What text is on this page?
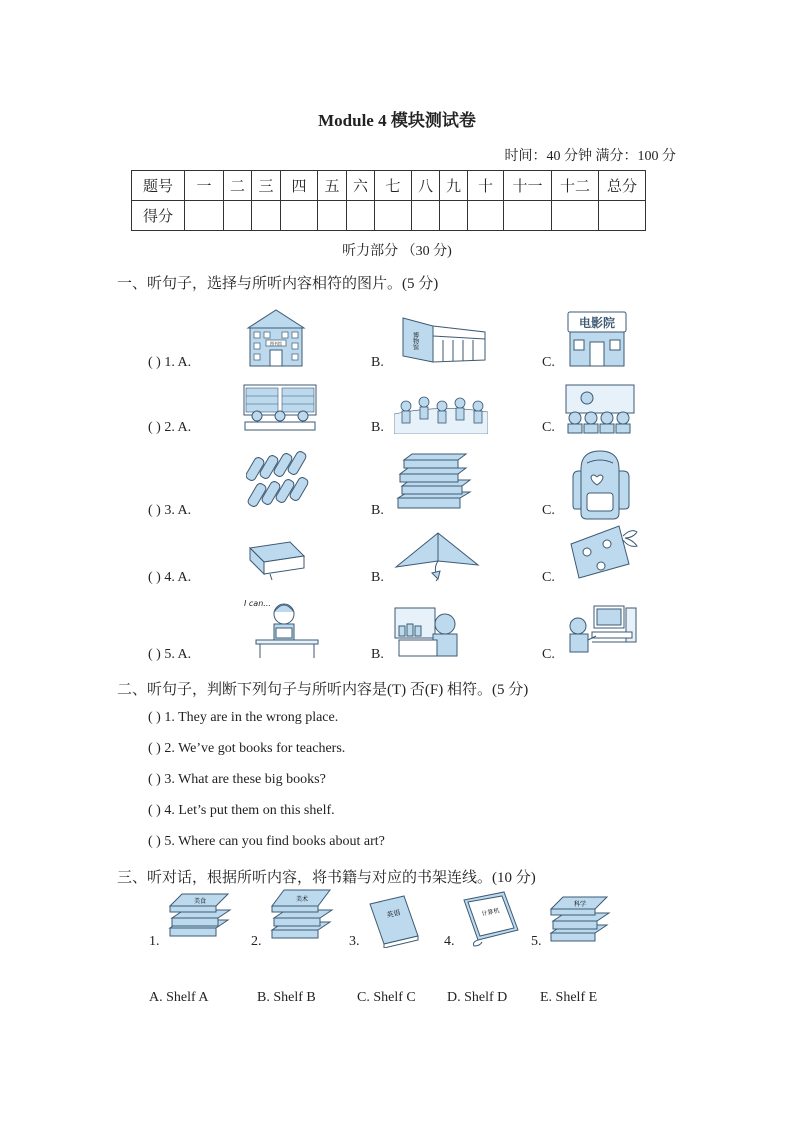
Module 4 模块测试卷
时间：40 分钟 满分：100 分
题号	一	二	三	四	五	六	七	八	九	十	十一	十二	总分
得分													
听力部分 （30 分)
一、听句子，选择与所听内容相符的图片。(5 分)
( ) 1. A.	B.	C.
( ) 2. A.	B.	C.
( ) 3. A.	B.	C.
( ) 4. A.	B.	C.
( ) 5. A.	B.	C.
图书馆	博物馆
电影院
I can...
二、听句子，判断下列句子与所听内容是(T) 否(F) 相符。(5 分)
( ) 1. They are in the wrong place.
( ) 2. We’ve got books for teachers.
( ) 3. What are these big books?
( ) 4. Let’s put them on this shelf.
( ) 5. Where can you find books about art?
三、听对话，根据所听内容，将书籍与对应的书架连线。(10 分)
1.
美食
2.
美术
3.
英语
4.
计算机
5.
科学
A. Shelf A	B. Shelf B	C. Shelf C D. Shelf D E. Shelf E
